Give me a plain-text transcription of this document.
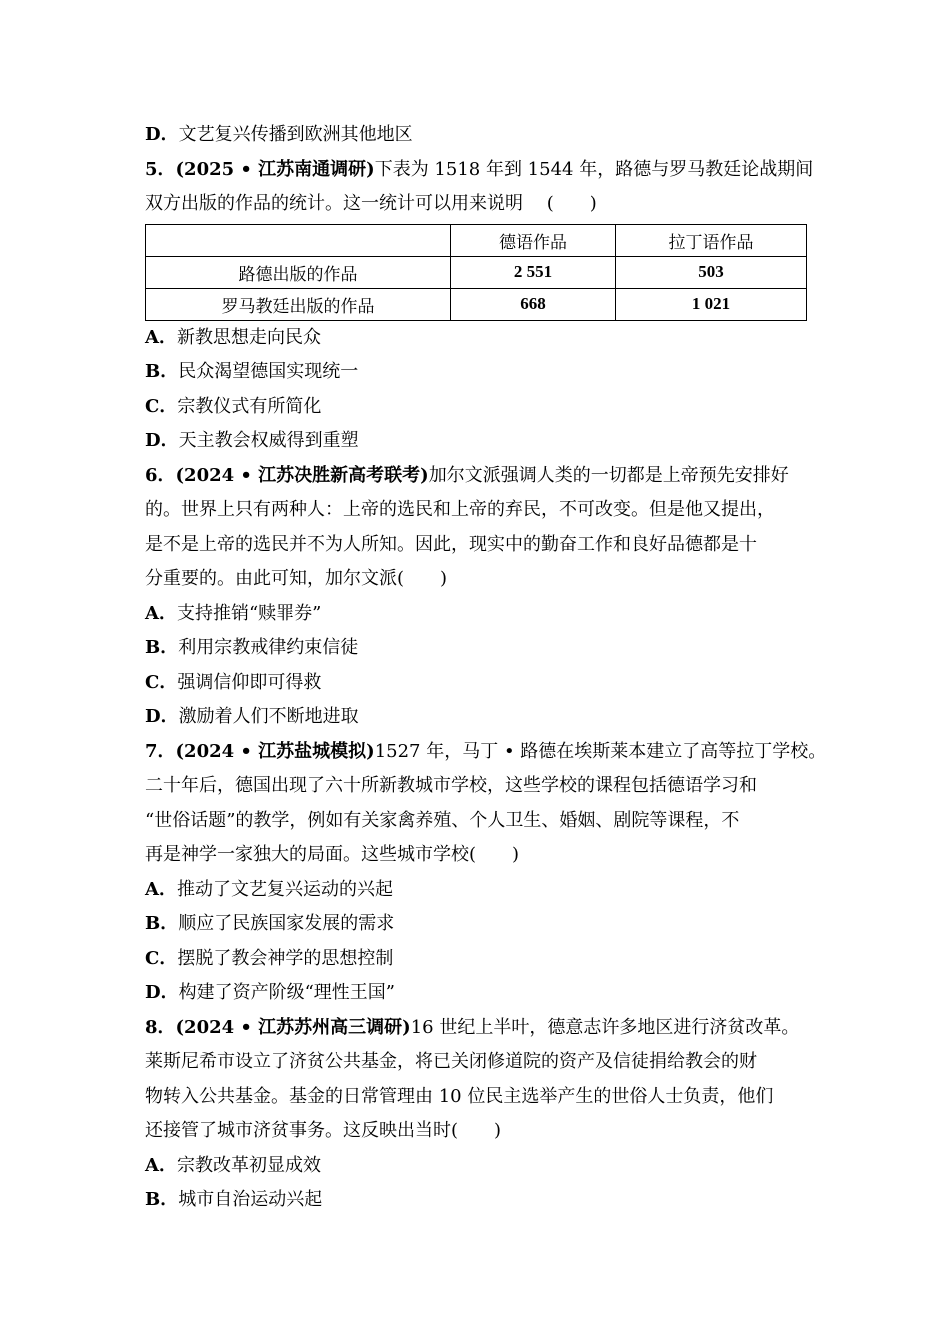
D．文艺复兴传播到欧洲其他地区
5．(2025 • 江苏南通调研)下表为 1518 年到 1544 年，路德与罗马教廷论战期间
双方出版的作品的统计。这一统计可以用来说明　 (　　)
	德语作品	拉丁语作品
路德出版的作品	2 551	503
罗马教廷出版的作品	668	1 021
A．新教思想走向民众
B．民众渴望德国实现统一
C．宗教仪式有所简化
D．天主教会权威得到重塑
6．(2024 • 江苏决胜新高考联考)加尔文派强调人类的一切都是上帝预先安排好
的。世界上只有两种人：上帝的选民和上帝的弃民，不可改变。但是他又提出，
是不是上帝的选民并不为人所知。因此，现实中的勤奋工作和良好品德都是十
分重要的。由此可知，加尔文派(　　)
A．支持推销“赎罪券”
B．利用宗教戒律约束信徒
C．强调信仰即可得救
D．激励着人们不断地进取
7．(2024 • 江苏盐城模拟)1527 年，马丁 • 路德在埃斯莱本建立了高等拉丁学校。
二十年后，德国出现了六十所新教城市学校，这些学校的课程包括德语学习和
“世俗话题”的教学，例如有关家禽养殖、个人卫生、婚姻、剧院等课程，不
再是神学一家独大的局面。这些城市学校(　　)
A．推动了文艺复兴运动的兴起
B．顺应了民族国家发展的需求
C．摆脱了教会神学的思想控制
D．构建了资产阶级“理性王国”
8．(2024 • 江苏苏州高三调研)16 世纪上半叶，德意志许多地区进行济贫改革。
莱斯尼希市设立了济贫公共基金，将已关闭修道院的资产及信徒捐给教会的财
物转入公共基金。基金的日常管理由 10 位民主选举产生的世俗人士负责，他们
还接管了城市济贫事务。这反映出当时(　　)
A．宗教改革初显成效
B．城市自治运动兴起
